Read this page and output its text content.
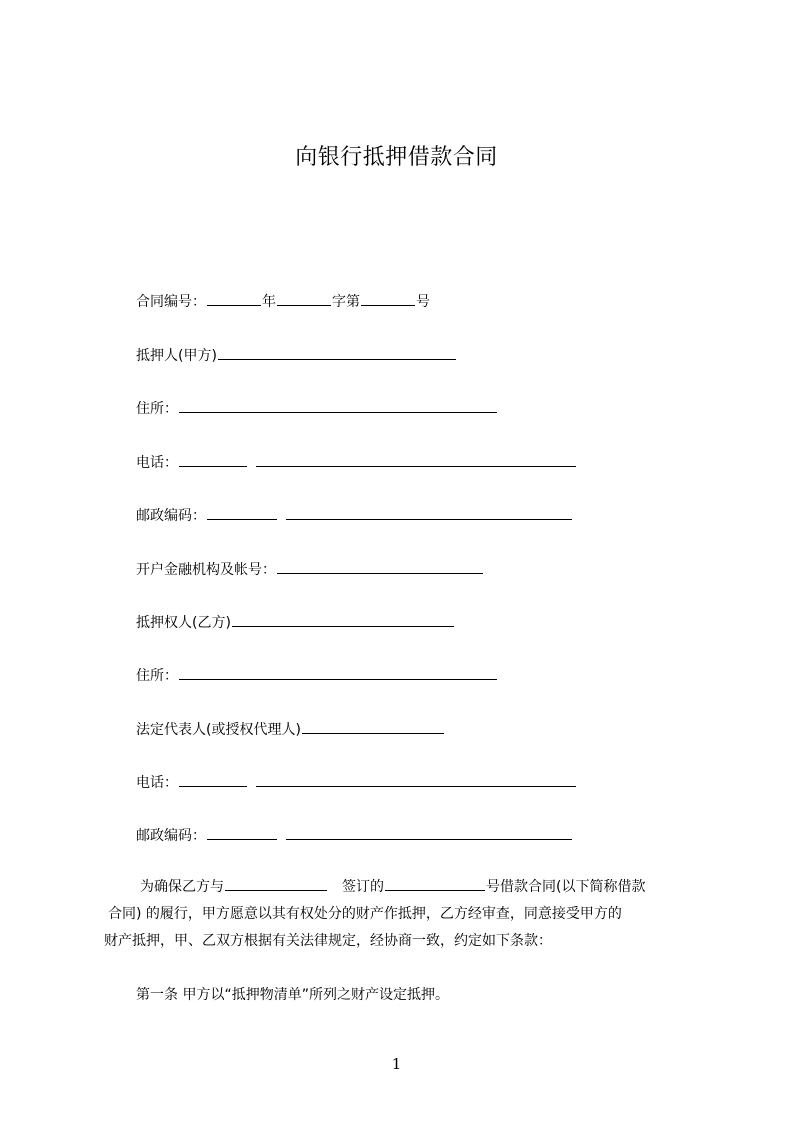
向银行抵押借款合同
合同编号：	年	字第	号
抵押人(甲方)
住所：
电话：
邮政编码：
开户金融机构及帐号：
抵押权人(乙方)
住所：
法定代表人(或授权代理人)
电话：
邮政编码：
为确保乙方与	签订的	号借款合同(以下简称借款
合同) 的履行，甲方愿意以其有权处分的财产作抵押，乙方经审查，同意接受甲方的
财产抵押，甲、乙双方根据有关法律规定，经协商一致，约定如下条款：
第一条 甲方以“抵押物清单”所列之财产设定抵押。
1
